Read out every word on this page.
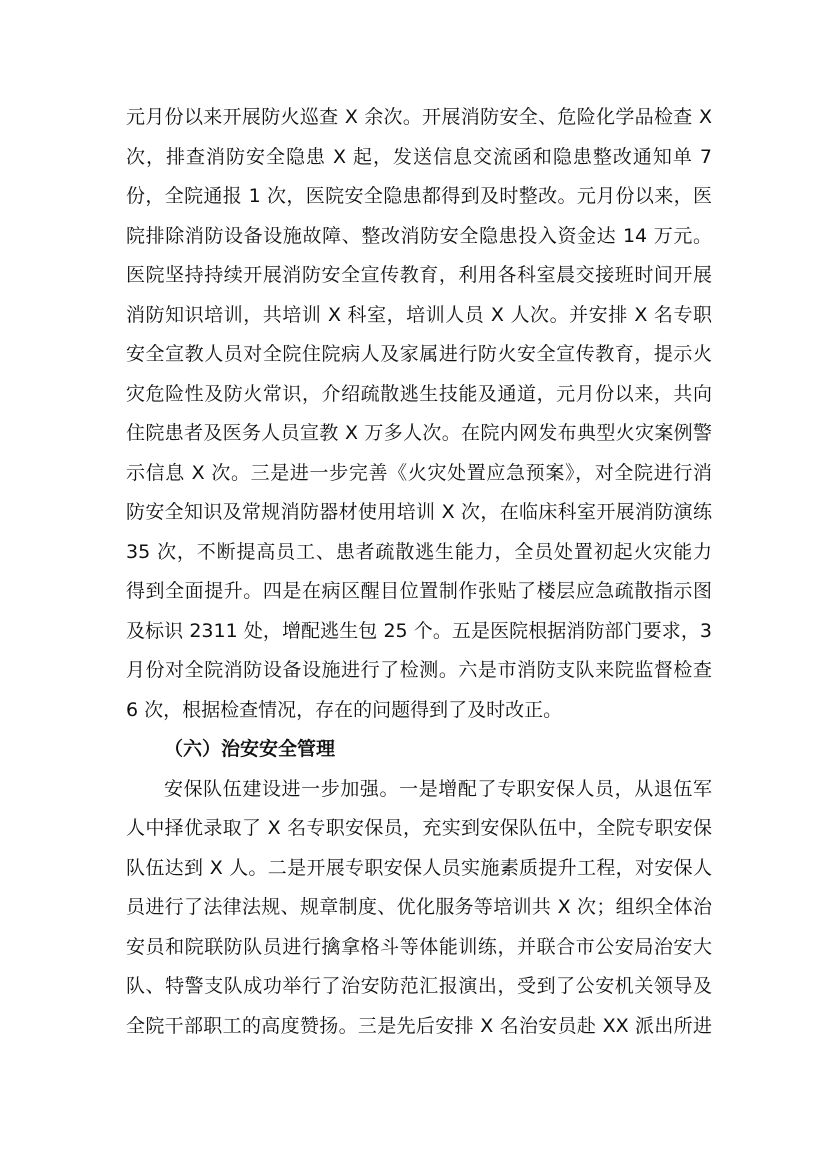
元月份以来开展防火巡查 X 余次。开展消防安全、危险化学品检查 X
次，排查消防安全隐患 X 起，发送信息交流函和隐患整改通知单 7
份，全院通报 1 次，医院安全隐患都得到及时整改。元月份以来，医
院排除消防设备设施故障、整改消防安全隐患投入资金达 14 万元。
医院坚持持续开展消防安全宣传教育，利用各科室晨交接班时间开展
消防知识培训，共培训 X 科室，培训人员 X 人次。并安排 X 名专职
安全宣教人员对全院住院病人及家属进行防火安全宣传教育，提示火
灾危险性及防火常识，介绍疏散逃生技能及通道，元月份以来，共向
住院患者及医务人员宣教 X 万多人次。在院内网发布典型火灾案例警
示信息 X 次。三是进一步完善《火灾处置应急预案》，对全院进行消
防安全知识及常规消防器材使用培训 X 次，在临床科室开展消防演练
35 次，不断提高员工、患者疏散逃生能力，全员处置初起火灾能力
得到全面提升。四是在病区醒目位置制作张贴了楼层应急疏散指示图
及标识 2311 处，增配逃生包 25 个。五是医院根据消防部门要求，3
月份对全院消防设备设施进行了检测。六是市消防支队来院监督检查
6 次，根据检查情况，存在的问题得到了及时改正。
（六）治安安全管理
安保队伍建设进一步加强。一是增配了专职安保人员，从退伍军
人中择优录取了 X 名专职安保员，充实到安保队伍中，全院专职安保
队伍达到 X 人。二是开展专职安保人员实施素质提升工程，对安保人
员进行了法律法规、规章制度、优化服务等培训共 X 次；组织全体治
安员和院联防队员进行擒拿格斗等体能训练，并联合市公安局治安大
队、特警支队成功举行了治安防范汇报演出，受到了公安机关领导及
全院干部职工的高度赞扬。三是先后安排 X 名治安员赴 XX 派出所进
